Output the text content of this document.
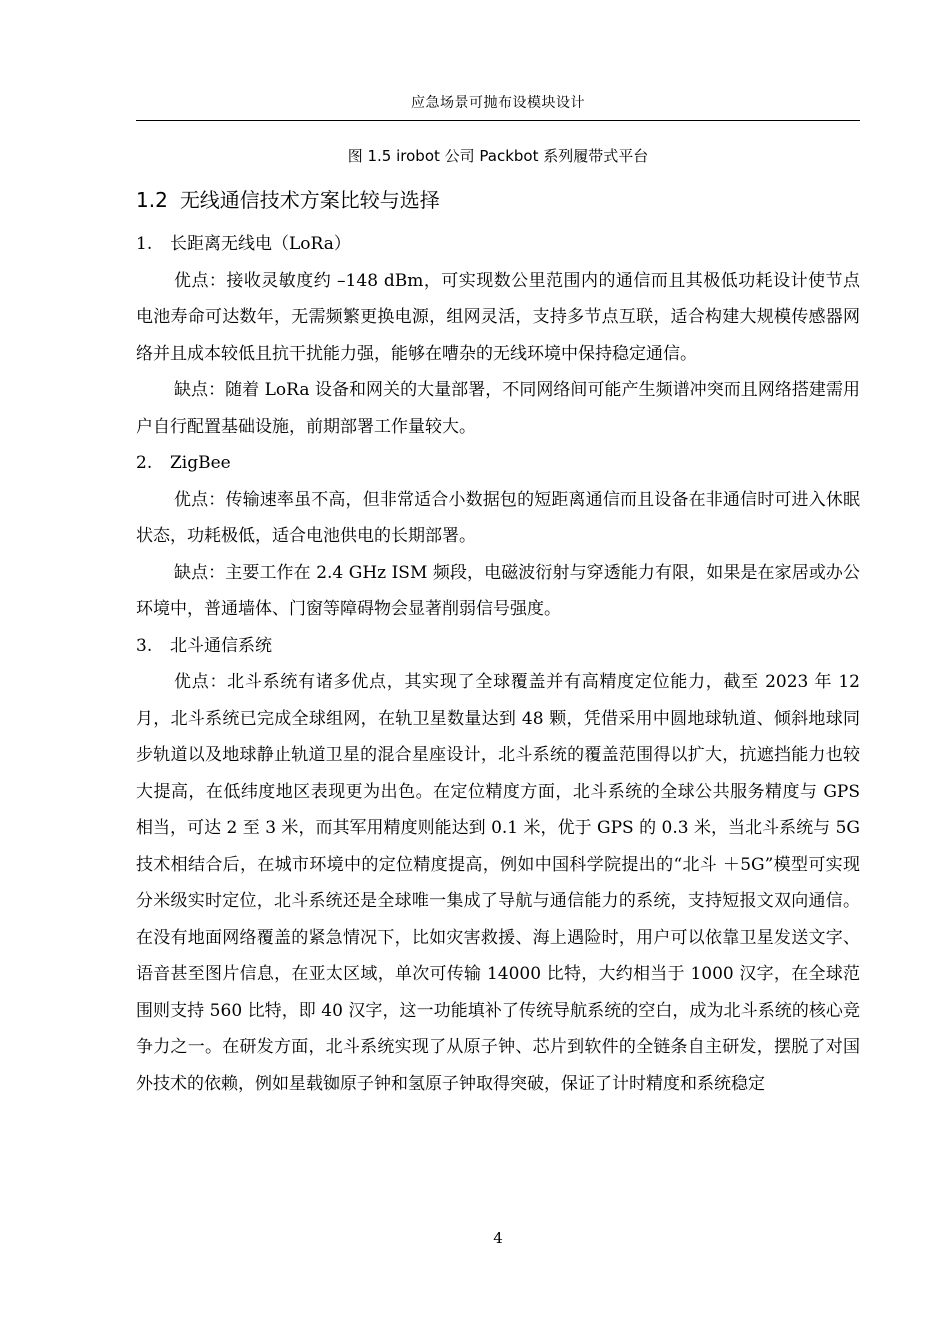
应急场景可抛布设模块设计
图 1.5 irobot 公司 Packbot 系列履带式平台
1.2 无线通信技术方案比较与选择

1. 长距离无线电（LoRa）

优点：接收灵敏度约 –148 dBm，可实现数公里范围内的通信而且其极低功耗设计使节点电池寿命可达数年，无需频繁更换电源，组网灵活，支持多节点互联，适合构建大规模传感器网络并且成本较低且抗干扰能力强，能够在嘈杂的无线环境中保持稳定通信。

缺点：随着 LoRa 设备和网关的大量部署，不同网络间可能产生频谱冲突而且网络搭建需用户自行配置基础设施，前期部署工作量较大。

2. ZigBee

优点：传输速率虽不高，但非常适合小数据包的短距离通信而且设备在非通信时可进入休眠状态，功耗极低，适合电池供电的长期部署。

缺点：主要工作在 2.4 GHz ISM 频段，电磁波衍射与穿透能力有限，如果是在家居或办公环境中，普通墙体、门窗等障碍物会显著削弱信号强度。

3. 北斗通信系统

优点：北斗系统有诸多优点，其实现了全球覆盖并有高精度定位能力，截至 2023 年 12 月，北斗系统已完成全球组网，在轨卫星数量达到 48 颗，凭借采用中圆地球轨道、倾斜地球同步轨道以及地球静止轨道卫星的混合星座设计，北斗系统的覆盖范围得以扩大，抗遮挡能力也较大提高，在低纬度地区表现更为出色。在定位精度方面，北斗系统的全球公共服务精度与 GPS 相当，可达 2 至 3 米，而其军用精度则能达到 0.1 米，优于 GPS 的 0.3 米，当北斗系统与 5G 技术相结合后，在城市环境中的定位精度提高，例如中国科学院提出的“北斗 ＋5G”模型可实现分米级实时定位，北斗系统还是全球唯一集成了导航与通信能力的系统，支持短报文双向通信。在没有地面网络覆盖的紧急情况下，比如灾害救援、海上遇险时，用户可以依靠卫星发送文字、语音甚至图片信息，在亚太区域，单次可传输 14000 比特，大约相当于 1000 汉字，在全球范围则支持 560 比特，即 40 汉字，这一功能填补了传统导航系统的空白，成为北斗系统的核心竞争力之一。在研发方面，北斗系统实现了从原子钟、芯片到软件的全链条自主研发，摆脱了对国外技术的依赖，例如星载铷原子钟和氢原子钟取得突破，保证了计时精度和系统稳定

4
